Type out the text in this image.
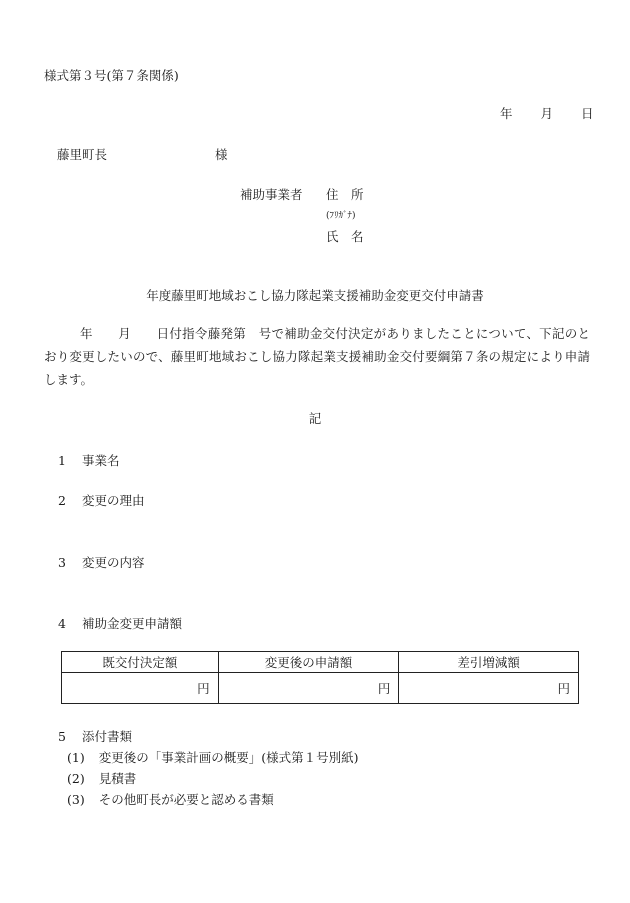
様式第３号(第７条関係)
年 月 日
藤里町長	様
補助事業者 住　所
(ﾌﾘｶﾞﾅ)
氏　名
年度藤里町地域おこし協力隊起業支援補助金変更交付申請書
年　　月　　日付指令藤発第　号で補助金交付決定がありましたことについて、下記のとおり変更したいので、藤里町地域おこし協力隊起業支援補助金交付要綱第７条の規定により申請します。
記
1 事業名
2 変更の理由
3 変更の内容
4 補助金変更申請額
既交付決定額	変更後の申請額	差引増減額
円	円	円
5 添付書類
(1) 変更後の「事業計画の概要」(様式第１号別紙)
(2) 見積書
(3) その他町長が必要と認める書類
